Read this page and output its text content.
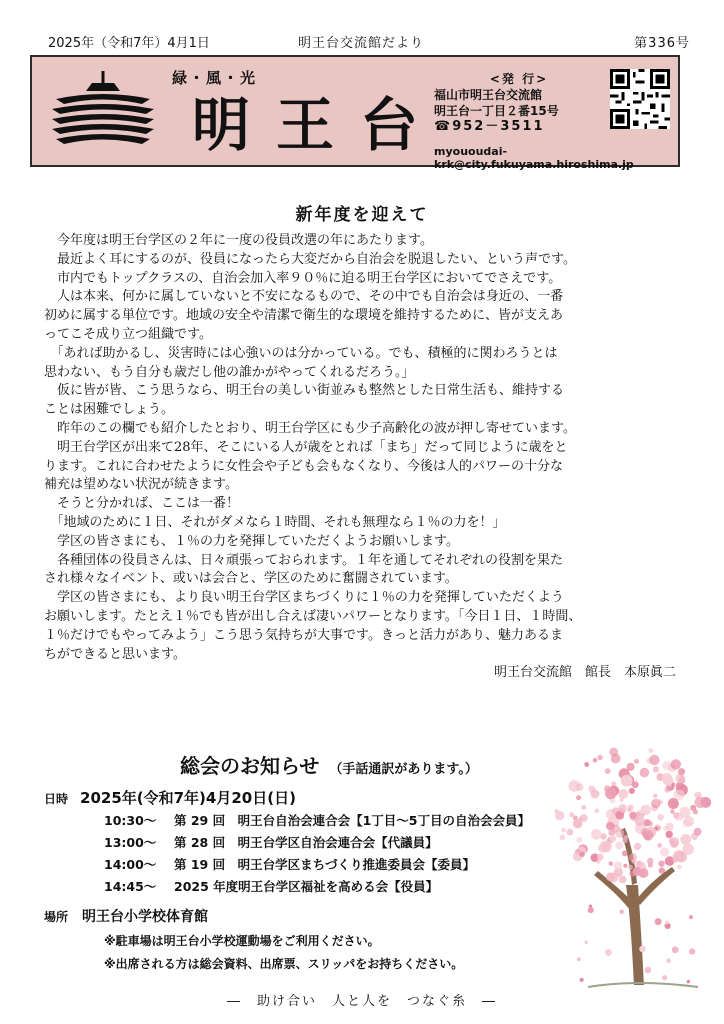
2025年（令和7年）4月1日	明王台交流館だより	第336号
緑・風・光
明王台
<発 行>
福山市明王台交流館
明王台一丁目２番15号
☎952－3511
myououdai-krk@city.fukuyama.hiroshima.jp
新年度を迎えて

　今年度は明王台学区の２年に一度の役員改選の年にあたります。

　最近よく耳にするのが、役員になったら大変だから自治会を脱退したい、という声です。

　市内でもトップクラスの、自治会加入率９０％に迫る明王台学区においてでさえです。

　人は本来、何かに属していないと不安になるもので、その中でも自治会は身近の、一番

初めに属する単位です。地域の安全や清潔で衛生的な環境を維持するために、皆が支えあ

ってこそ成り立つ組織です。

　「あれば助かるし、災害時には心強いのは分かっている。でも、積極的に関わろうとは

思わない、もう自分も歳だし他の誰かがやってくれるだろう。」

　仮に皆が皆、こう思うなら、明王台の美しい街並みも整然とした日常生活も、維持する

ことは困難でしょう。

　昨年のこの欄でも紹介したとおり、明王台学区にも少子高齢化の波が押し寄せています。

　明王台学区が出来て28年、そこにいる人が歳をとれば「まち」だって同じように歳をと

ります。これに合わせたように女性会や子ども会もなくなり、今後は人的パワーの十分な

補充は望めない状況が続きます。

　そうと分かれば、ここは一番！

　「地域のために１日、それがダメなら１時間、それも無理なら１％の力を！」

　学区の皆さまにも、１％の力を発揮していただくようお願いします。

　各種団体の役員さんは、日々頑張っておられます。１年を通してそれぞれの役割を果た

され様々なイベント、或いは会合と、学区のために奮闘されています。

　学区の皆さまにも、より良い明王台学区まちづくりに１％の力を発揮していただくよう

お願いします。たとえ１％でも皆が出し合えば凄いパワーとなります。「今日１日、１時間、

１％だけでもやってみよう」こう思う気持ちが大事です。きっと活力があり、魅力あるま

ちができると思います。

明王台交流館　館長　本原眞二

総会のお知らせ （手話通訳があります。）
日時 2025年(令和7年)4月20日(日)
10:30～ 第 29 回　明王台自治会連合会【1丁目～5丁目の自治会会員】
13:00～ 第 28 回　明王台学区自治会連合会【代議員】
14:00～ 第 19 回　明王台学区まちづくり推進委員会【委員】
14:45～ 2025 年度明王台学区福祉を高める会【役員】
場所 明王台小学校体育館
※駐車場は明王台小学校運動場をご利用ください。
※出席される方は総会資料、出席票、スリッパをお持ちください。
―　助け合い　人と人を　つなぐ糸　―
